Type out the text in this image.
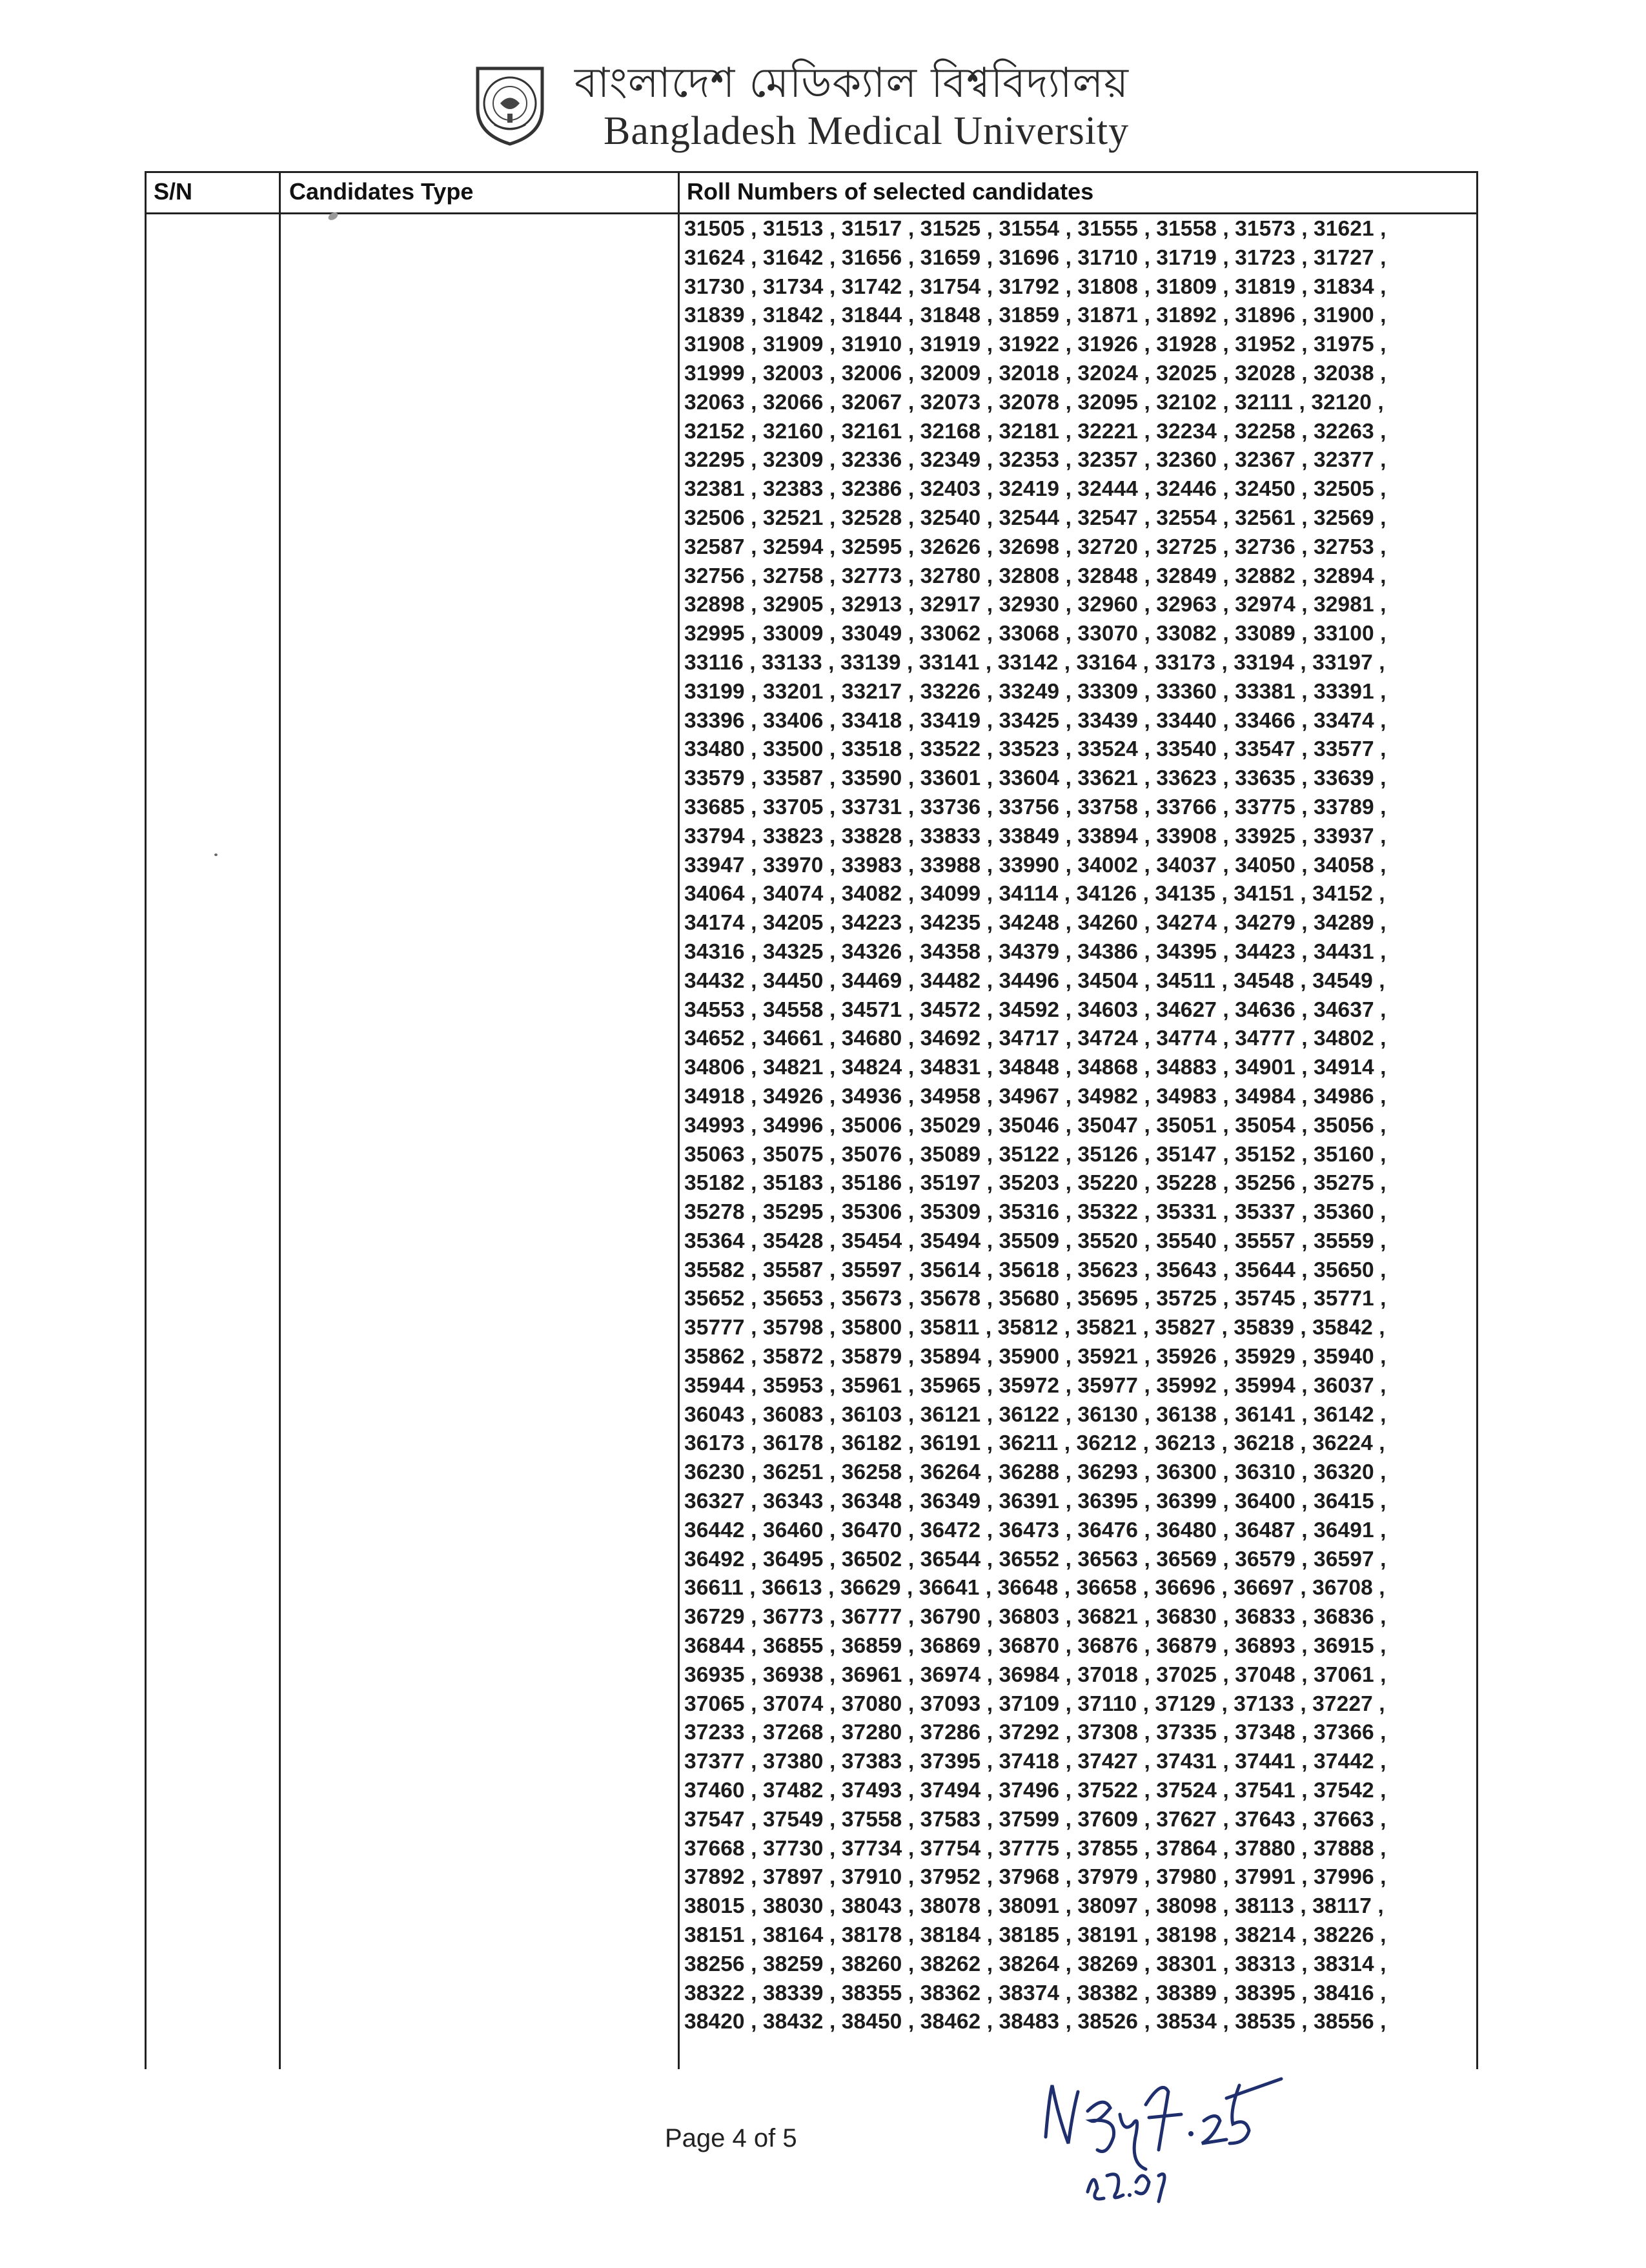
বাংলাদেশ মেডিক্যাল বিশ্ববিদ্যালয়
Bangladesh Medical University
S/N	Candidates Type	Roll Numbers of selected candidates
31505 , 31513 , 31517 , 31525 , 31554 , 31555 , 31558 , 31573 , 31621 ,
31624 , 31642 , 31656 , 31659 , 31696 , 31710 , 31719 , 31723 , 31727 ,
31730 , 31734 , 31742 , 31754 , 31792 , 31808 , 31809 , 31819 , 31834 ,
31839 , 31842 , 31844 , 31848 , 31859 , 31871 , 31892 , 31896 , 31900 ,
31908 , 31909 , 31910 , 31919 , 31922 , 31926 , 31928 , 31952 , 31975 ,
31999 , 32003 , 32006 , 32009 , 32018 , 32024 , 32025 , 32028 , 32038 ,
32063 , 32066 , 32067 , 32073 , 32078 , 32095 , 32102 , 32111 , 32120 ,
32152 , 32160 , 32161 , 32168 , 32181 , 32221 , 32234 , 32258 , 32263 ,
32295 , 32309 , 32336 , 32349 , 32353 , 32357 , 32360 , 32367 , 32377 ,
32381 , 32383 , 32386 , 32403 , 32419 , 32444 , 32446 , 32450 , 32505 ,
32506 , 32521 , 32528 , 32540 , 32544 , 32547 , 32554 , 32561 , 32569 ,
32587 , 32594 , 32595 , 32626 , 32698 , 32720 , 32725 , 32736 , 32753 ,
32756 , 32758 , 32773 , 32780 , 32808 , 32848 , 32849 , 32882 , 32894 ,
32898 , 32905 , 32913 , 32917 , 32930 , 32960 , 32963 , 32974 , 32981 ,
32995 , 33009 , 33049 , 33062 , 33068 , 33070 , 33082 , 33089 , 33100 ,
33116 , 33133 , 33139 , 33141 , 33142 , 33164 , 33173 , 33194 , 33197 ,
33199 , 33201 , 33217 , 33226 , 33249 , 33309 , 33360 , 33381 , 33391 ,
33396 , 33406 , 33418 , 33419 , 33425 , 33439 , 33440 , 33466 , 33474 ,
33480 , 33500 , 33518 , 33522 , 33523 , 33524 , 33540 , 33547 , 33577 ,
33579 , 33587 , 33590 , 33601 , 33604 , 33621 , 33623 , 33635 , 33639 ,
33685 , 33705 , 33731 , 33736 , 33756 , 33758 , 33766 , 33775 , 33789 ,
33794 , 33823 , 33828 , 33833 , 33849 , 33894 , 33908 , 33925 , 33937 ,
33947 , 33970 , 33983 , 33988 , 33990 , 34002 , 34037 , 34050 , 34058 ,
34064 , 34074 , 34082 , 34099 , 34114 , 34126 , 34135 , 34151 , 34152 ,
34174 , 34205 , 34223 , 34235 , 34248 , 34260 , 34274 , 34279 , 34289 ,
34316 , 34325 , 34326 , 34358 , 34379 , 34386 , 34395 , 34423 , 34431 ,
34432 , 34450 , 34469 , 34482 , 34496 , 34504 , 34511 , 34548 , 34549 ,
34553 , 34558 , 34571 , 34572 , 34592 , 34603 , 34627 , 34636 , 34637 ,
34652 , 34661 , 34680 , 34692 , 34717 , 34724 , 34774 , 34777 , 34802 ,
34806 , 34821 , 34824 , 34831 , 34848 , 34868 , 34883 , 34901 , 34914 ,
34918 , 34926 , 34936 , 34958 , 34967 , 34982 , 34983 , 34984 , 34986 ,
34993 , 34996 , 35006 , 35029 , 35046 , 35047 , 35051 , 35054 , 35056 ,
35063 , 35075 , 35076 , 35089 , 35122 , 35126 , 35147 , 35152 , 35160 ,
35182 , 35183 , 35186 , 35197 , 35203 , 35220 , 35228 , 35256 , 35275 ,
35278 , 35295 , 35306 , 35309 , 35316 , 35322 , 35331 , 35337 , 35360 ,
35364 , 35428 , 35454 , 35494 , 35509 , 35520 , 35540 , 35557 , 35559 ,
35582 , 35587 , 35597 , 35614 , 35618 , 35623 , 35643 , 35644 , 35650 ,
35652 , 35653 , 35673 , 35678 , 35680 , 35695 , 35725 , 35745 , 35771 ,
35777 , 35798 , 35800 , 35811 , 35812 , 35821 , 35827 , 35839 , 35842 ,
35862 , 35872 , 35879 , 35894 , 35900 , 35921 , 35926 , 35929 , 35940 ,
35944 , 35953 , 35961 , 35965 , 35972 , 35977 , 35992 , 35994 , 36037 ,
36043 , 36083 , 36103 , 36121 , 36122 , 36130 , 36138 , 36141 , 36142 ,
36173 , 36178 , 36182 , 36191 , 36211 , 36212 , 36213 , 36218 , 36224 ,
36230 , 36251 , 36258 , 36264 , 36288 , 36293 , 36300 , 36310 , 36320 ,
36327 , 36343 , 36348 , 36349 , 36391 , 36395 , 36399 , 36400 , 36415 ,
36442 , 36460 , 36470 , 36472 , 36473 , 36476 , 36480 , 36487 , 36491 ,
36492 , 36495 , 36502 , 36544 , 36552 , 36563 , 36569 , 36579 , 36597 ,
36611 , 36613 , 36629 , 36641 , 36648 , 36658 , 36696 , 36697 , 36708 ,
36729 , 36773 , 36777 , 36790 , 36803 , 36821 , 36830 , 36833 , 36836 ,
36844 , 36855 , 36859 , 36869 , 36870 , 36876 , 36879 , 36893 , 36915 ,
36935 , 36938 , 36961 , 36974 , 36984 , 37018 , 37025 , 37048 , 37061 ,
37065 , 37074 , 37080 , 37093 , 37109 , 37110 , 37129 , 37133 , 37227 ,
37233 , 37268 , 37280 , 37286 , 37292 , 37308 , 37335 , 37348 , 37366 ,
37377 , 37380 , 37383 , 37395 , 37418 , 37427 , 37431 , 37441 , 37442 ,
37460 , 37482 , 37493 , 37494 , 37496 , 37522 , 37524 , 37541 , 37542 ,
37547 , 37549 , 37558 , 37583 , 37599 , 37609 , 37627 , 37643 , 37663 ,
37668 , 37730 , 37734 , 37754 , 37775 , 37855 , 37864 , 37880 , 37888 ,
37892 , 37897 , 37910 , 37952 , 37968 , 37979 , 37980 , 37991 , 37996 ,
38015 , 38030 , 38043 , 38078 , 38091 , 38097 , 38098 , 38113 , 38117 ,
38151 , 38164 , 38178 , 38184 , 38185 , 38191 , 38198 , 38214 , 38226 ,
38256 , 38259 , 38260 , 38262 , 38264 , 38269 , 38301 , 38313 , 38314 ,
38322 , 38339 , 38355 , 38362 , 38374 , 38382 , 38389 , 38395 , 38416 ,
38420 , 38432 , 38450 , 38462 , 38483 , 38526 , 38534 , 38535 , 38556 ,
Page 4 of 5
